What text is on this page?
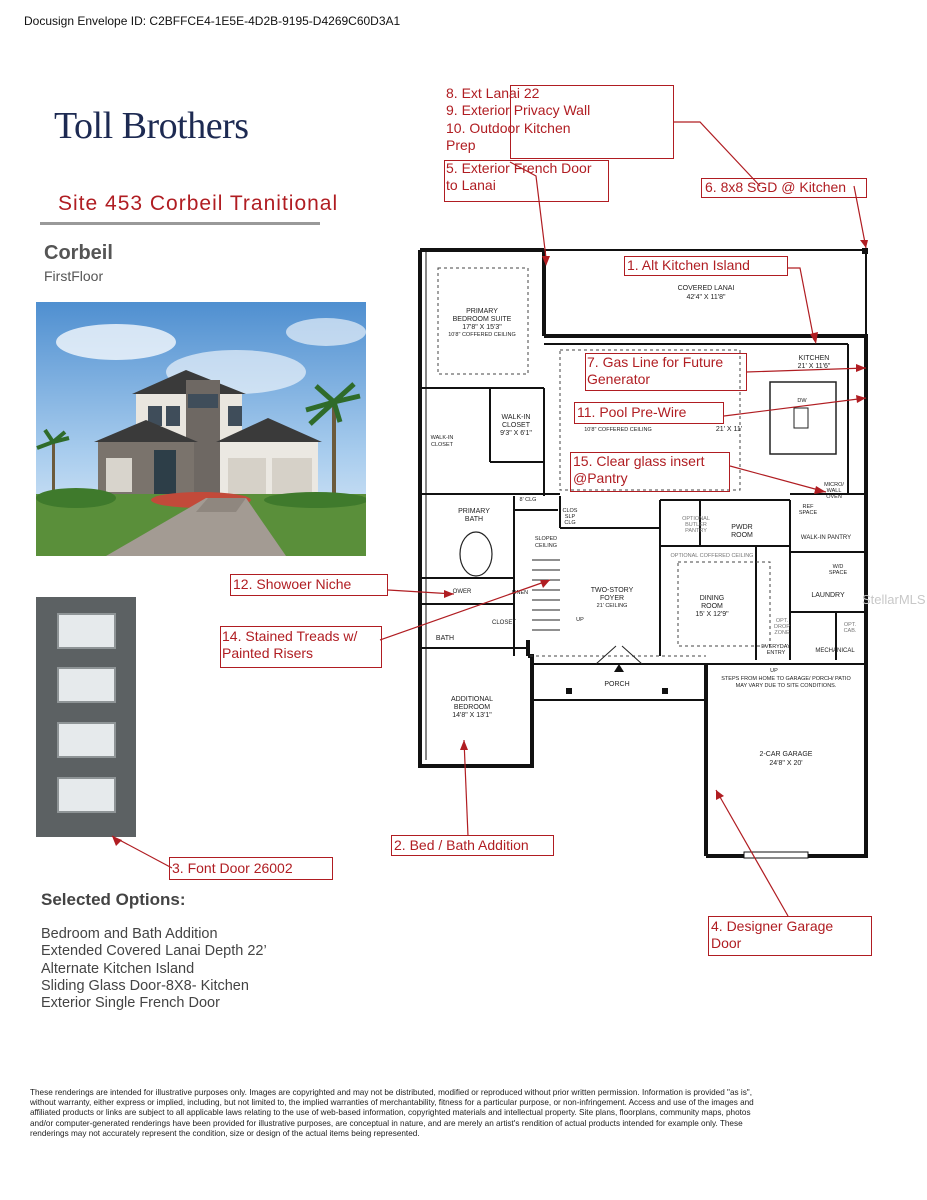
Docusign Envelope ID: C2BFFCE4-1E5E-4D2B-9195-D4269C60D3A1
Toll Brothers
Site 453 Corbeil Tranitional
Corbeil
FirstFloor
COVERED LANAI
42'4" X 11'8"
PRIMARY
BEDROOM SUITE
17'8" X 15'3"
10'8" COFFERED CEILING
WALK-IN
CLOSET
9'3" X 6'1"
WALK-IN
CLOSET
KITCHEN
21' X 11'6"
21' X 11'
10'8" COFFERED CEILING
DW
MICRO/
WALL
OVEN
REF
SPACE
WALK-IN PANTRY
8' CLG
CLOS
SLP
CLG
PRIMARY
BATH	OPTIONAL
BUTLER
PANTRY	PWDR
ROOM
OPTIONAL COFFERED CEILING
SLOPED
CEILING
TWO-STORY
FOYER
21' CEILING
DINING
ROOM
15' X 12'9"
LAUNDRY
W/D
SPACE
OWER	LINEN
CLOSET
BATH
UP
UP
OPT.
DROP
ZONE
EVERYDAY
ENTRY	MECHANICAL
OPT.
CAB.
STEPS FROM HOME TO GARAGE/ PORCH/ PATIO
MAY VARY DUE TO SITE CONDITIONS.
PORCH
ADDITIONAL
BEDROOM
14'8" X 13'1"
2-CAR GARAGE
24'8" X 20'
8. Ext Lanai 22
9. Exterior Privacy Wall
10. Outdoor Kitchen
Prep
5. Exterior French Door
to Lanai	6. 8x8 SGD @ Kitchen
1. Alt Kitchen Island
7. Gas Line for Future
Generator
11. Pool Pre-Wire
15. Clear glass insert
@Pantry
12. Showoer Niche
14. Stained Treads w/
Painted Risers
2. Bed / Bath Addition
3. Font Door 26002
4. Designer Garage
Door
StellarMLS
Selected Options:
Bedroom and Bath Addition
Extended Covered Lanai Depth 22’
Alternate Kitchen Island
Sliding Glass Door-8X8- Kitchen
Exterior Single French Door
These renderings are intended for illustrative purposes only. Images are copyrighted and may not be distributed, modified or reproduced without prior written permission. Information is provided "as is", without warranty, either express or implied, including, but not limited to, the implied warranties of merchantability, fitness for a particular purpose, or non-infringement. Access and use of the images and affiliated products or links are subject to all applicable laws relating to the use of web-based information, copyrighted materials and intellectual property. Site plans, floorplans, community maps, photos and/or computer-generated renderings have been provided for illustrative purposes, are conceptual in nature, and are merely an artist's rendition of actual products intended for example only. These renderings may not accurately represent the condition, size or design of the actual items being represented.
